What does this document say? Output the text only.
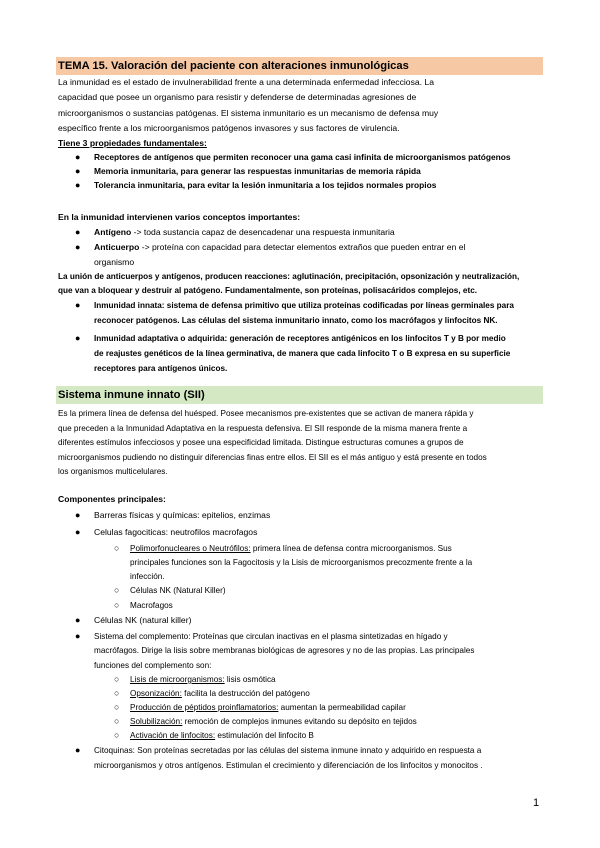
TEMA 15. Valoración del paciente con alteraciones inmunológicas
La inmunidad es el estado de invulnerabilidad frente a una determinada enfermedad infecciosa. La
capacidad que posee un organismo para resistir y defenderse de determinadas agresiones de
microorganismos o sustancias patógenas. El sistema inmunitario es un mecanismo de defensa muy
específico frente a los microorganismos patógenos invasores y sus factores de virulencia.
Tiene 3 propiedades fundamentales:
● Receptores de antígenos que permiten reconocer una gama casi infinita de microorganismos patógenos
● Memoria inmunitaria, para generar las respuestas inmunitarias de memoria rápida
● Tolerancia inmunitaria, para evitar la lesión inmunitaria a los tejidos normales propios
En la inmunidad intervienen varios conceptos importantes:
● Antígeno -> toda sustancia capaz de desencadenar una respuesta inmunitaria
● Anticuerpo -> proteína con capacidad para detectar elementos extraños que pueden entrar en el
organismo
La unión de anticuerpos y antígenos, producen reacciones: aglutinación, precipitación, opsonización y neutralización,
que van a bloquear y destruir al patógeno. Fundamentalmente, son proteínas, polisacáridos complejos, etc.
● Inmunidad innata: sistema de defensa primitivo que utiliza proteínas codificadas por líneas germinales para
reconocer patógenos. Las células del sistema inmunitario innato, como los macrófagos y linfocitos NK.
● Inmunidad adaptativa o adquirida: generación de receptores antigénicos en los linfocitos T y B por medio
de reajustes genéticos de la línea germinativa, de manera que cada linfocito T o B expresa en su superficie
receptores para antígenos únicos.
Sistema inmune innato (SII)
Es la primera línea de defensa del huésped. Posee mecanismos pre-existentes que se activan de manera rápida y
que preceden a la Inmunidad Adaptativa en la respuesta defensiva. El SII responde de la misma manera frente a
diferentes estímulos infecciosos y posee una especificidad limitada. Distingue estructuras comunes a grupos de
microorganismos pudiendo no distinguir diferencias finas entre ellos. El SII es el más antiguo y está presente en todos
los organismos multicelulares.
Componentes principales:
● Barreras físicas y químicas: epitelios, enzimas
● Celulas fagociticas: neutrofilos macrofagos
○ Polimorfonucleares o Neutrófilos: primera línea de defensa contra microorganismos. Sus
principales funciones son la Fagocitosis y la Lisis de microorganismos precozmente frente a la
infección.
○ Células NK (Natural Killer)
○ Macrofagos
● Células NK (natural killer)
● Sistema del complemento: Proteínas que circulan inactivas en el plasma sintetizadas en hígado y
macrófagos. Dirige la lisis sobre membranas biológicas de agresores y no de las propias. Las principales
funciones del complemento son:
○ Lisis de microorganismos: lisis osmótica
○ Opsonización: facilita la destrucción del patógeno
○ Producción de péptidos proinflamatorios: aumentan la permeabilidad capilar
○ Solubilización: remoción de complejos inmunes evitando su depósito en tejidos
○ Activación de linfocitos: estimulación del linfocito B
● Citoquinas: Son proteínas secretadas por las células del sistema inmune innato y adquirido en respuesta a
microorganismos y otros antígenos. Estimulan el crecimiento y diferenciación de los linfocitos y monocitos .
1
